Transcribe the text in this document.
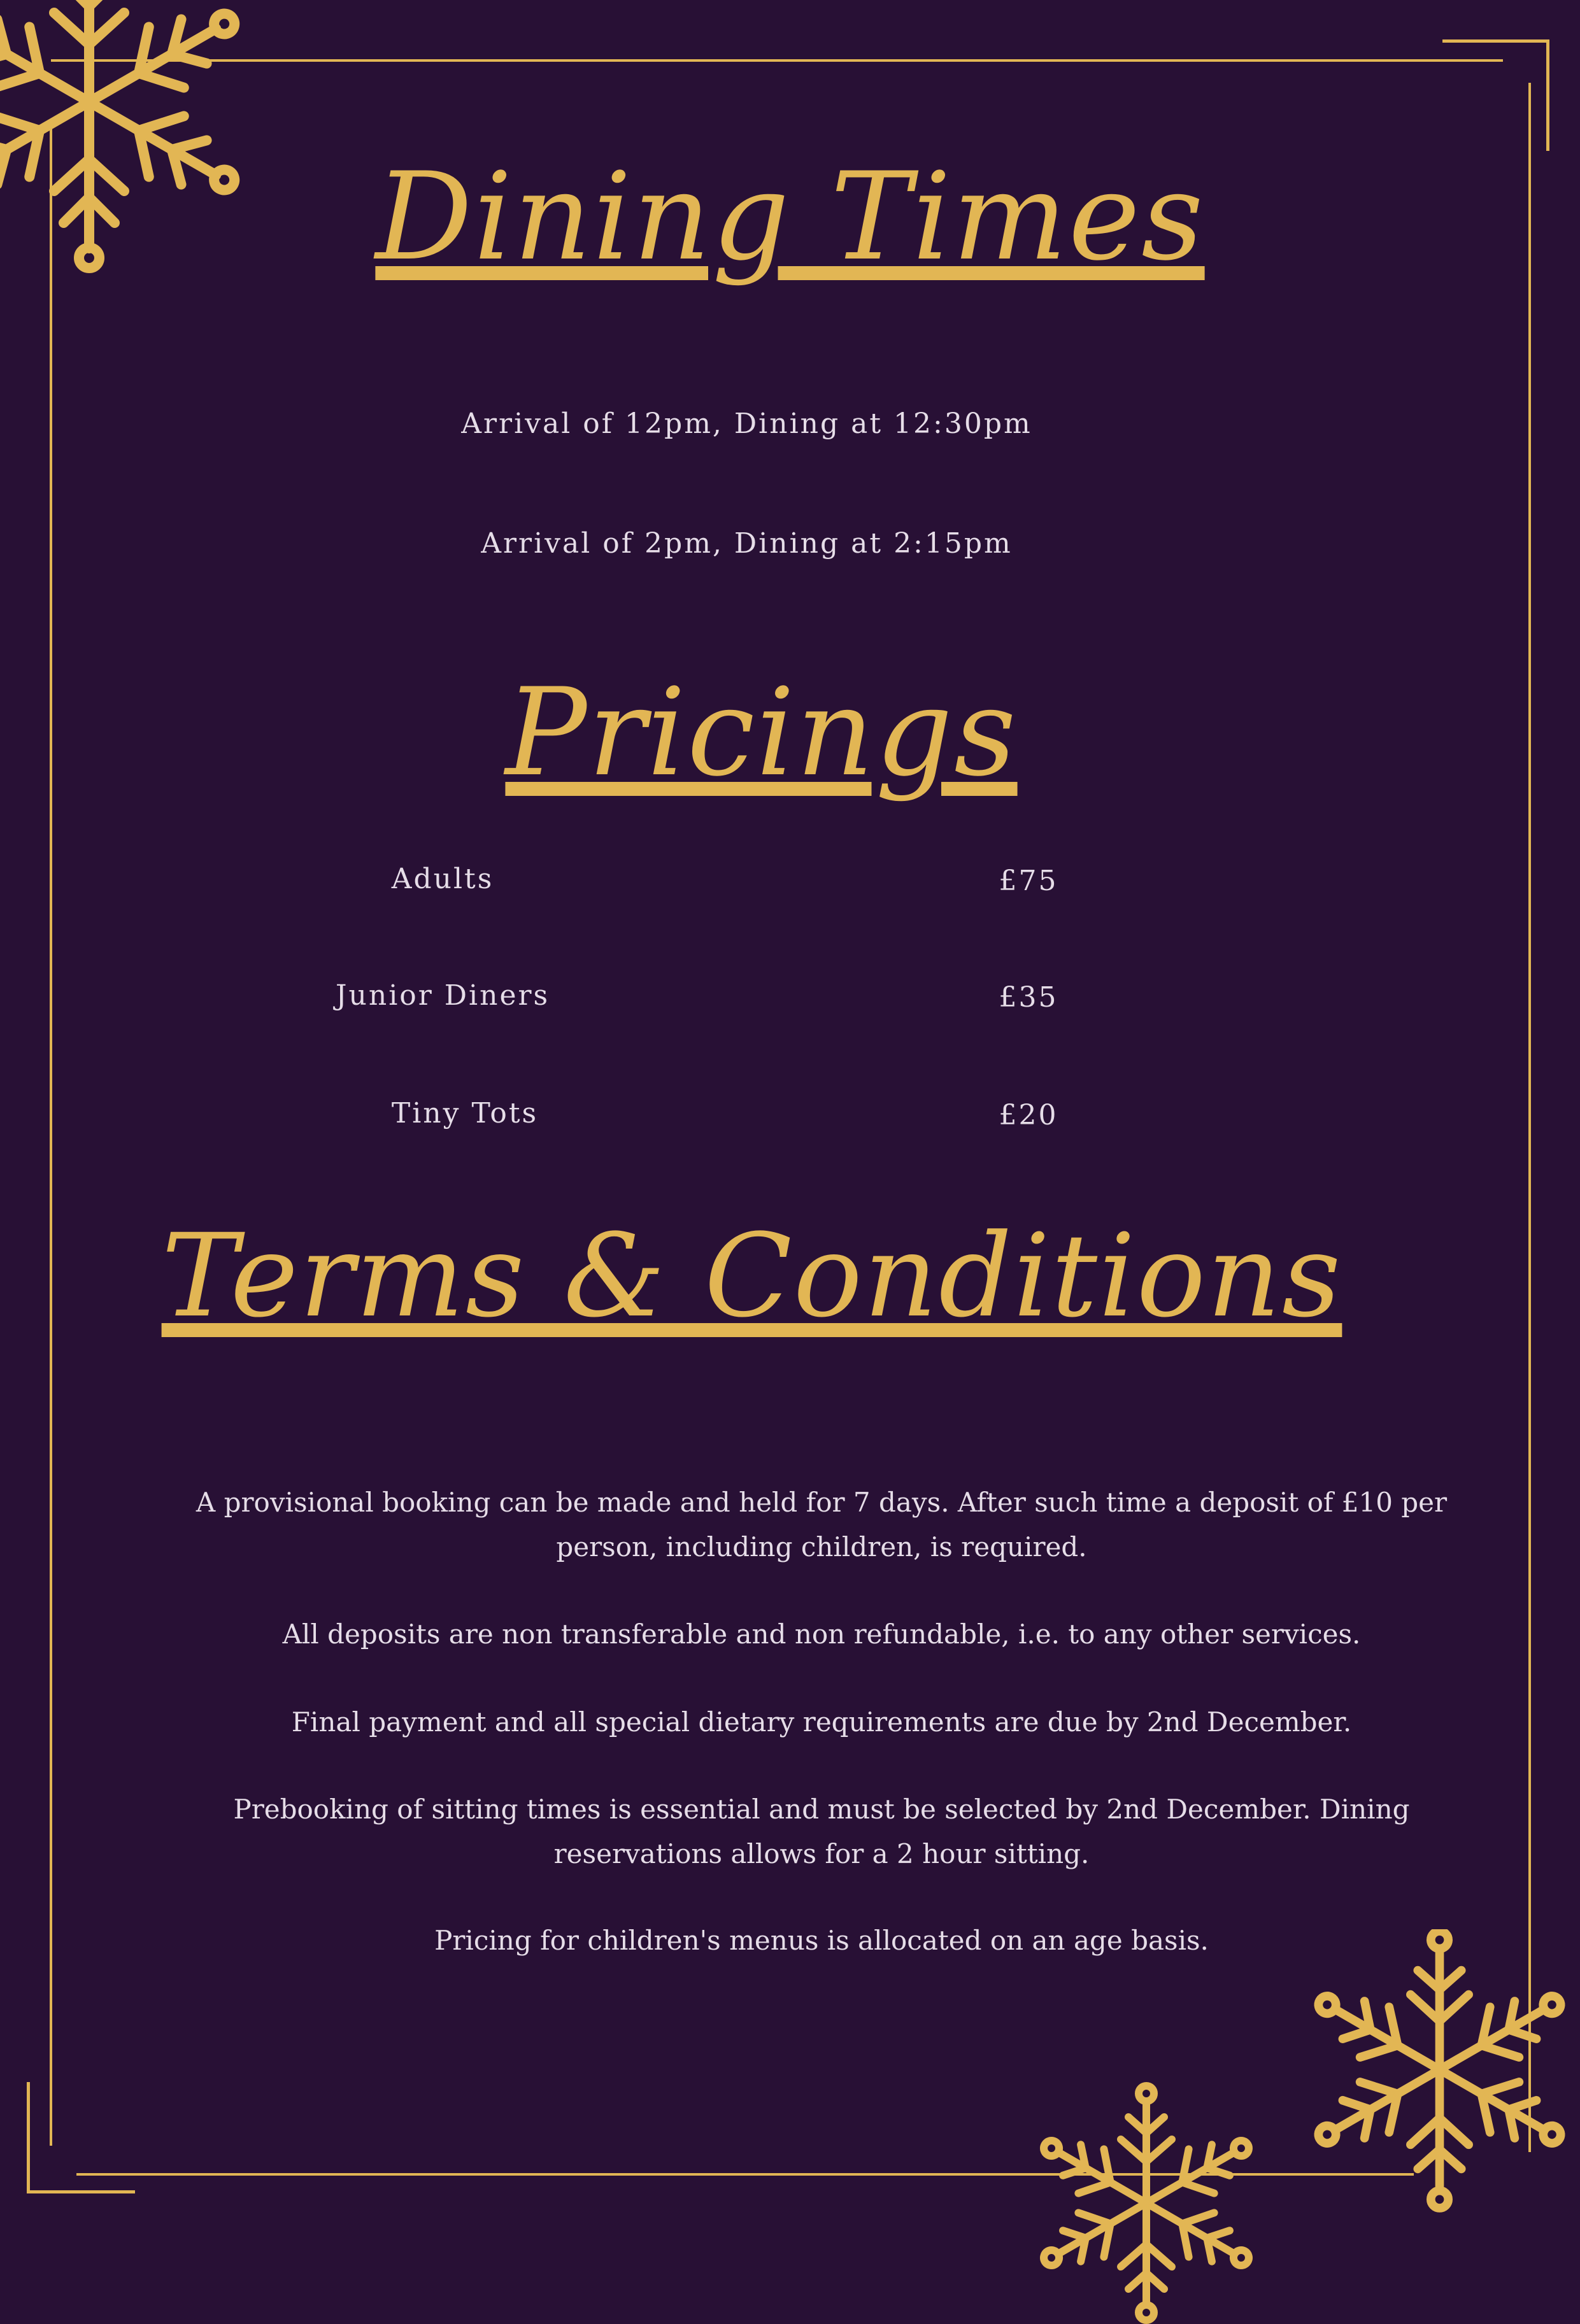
Dining Times

Arrival of 12pm, Dining at 12:30pm

Arrival of 2pm, Dining at 2:15pm

Pricings
Adults	£75
Junior Diners	£35
Tiny Tots	£20
Terms & Conditions

A provisional booking can be made and held for 7 days. After such time a deposit of £10 per person, including children, is required.

All deposits are non transferable and non refundable, i.e. to any other services.

Final payment and all special dietary requirements are due by 2nd December.

Prebooking of sitting times is essential and must be selected by 2nd December. Dining reservations allows for a 2 hour sitting.

Pricing for children's menus is allocated on an age basis.
